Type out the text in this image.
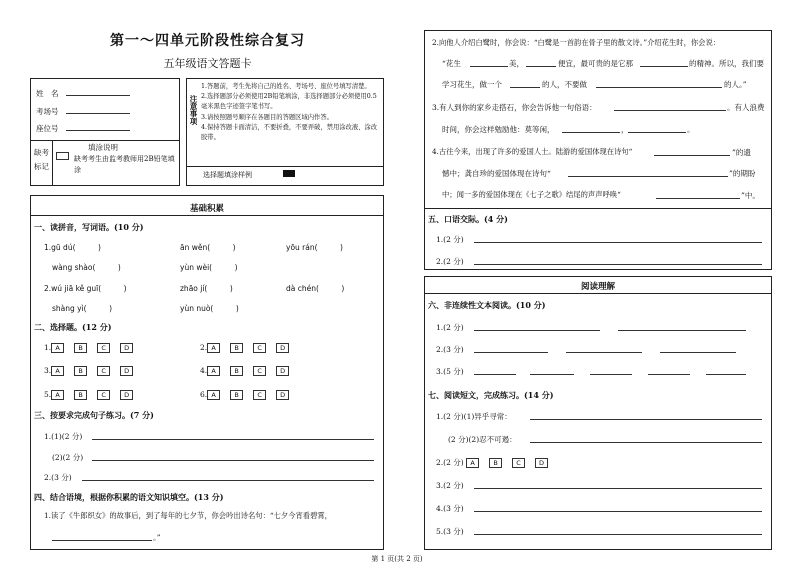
第一～四单元阶段性综合复习
五年级语文答题卡
姓　名
考场号
座位号
缺考
标记
填涂说明
缺考考生由监考教师用2B铅笔填涂
注意事项
1.答题前，考生先将自己的姓名、考场号、座位号填写清楚。
2.选择题部分必须使用2B铅笔填涂，非选择题部分必须使用0.5毫米黑色字迹签字笔书写。
3.请按照题号顺序在各题目的答题区域内作答。
4.保持答题卡面清洁，不要折叠，不要弄破，禁用涂改液、涂改胶带。
选择题填涂样例
基础积累
一、读拼音，写词语。(10 分)
1.gū dú(　　　)	ān wěn(　　　)	yōu rán(　　　)
wàng shào(　　　)	yùn wèi(　　　)
2.wú jiā kě guī(　　　)	zhāo jí(　　　)	dà chén(　　　)
shàng yì(　　　)	yùn nuò(　　　)
二、选择题。(12 分)
1. A	B	C	D	2. A	B	C	D
3. A	B	C	D	4. A	B	C	D
5. A	B	C	D	6. A	B	C	D
三、按要求完成句子练习。(7 分)
1.(1)(2 分)
(2)(2 分)
2.(3 分)
四、结合语境，根据你积累的语文知识填空。(13 分)
1.读了《牛郎织女》的故事后，到了每年的七夕节，你会吟出诗名句：“七夕今宵看碧霄，
。”
2.向他人介绍白鹭时，你会说：“白鹭是一首韵在骨子里的散文诗。”介绍花生时，你会说：
“花生	美，	便宜，最可贵的是它那	的精神。所以，我们要
学习花生，做一个	的人，不要做	的人。”
3.有人到你的家乡走搭石，你会告诉他一句俗语：	。有人浪费
时间，你会这样勉励他：莫等闲，	，	。
4.古往今来，出现了许多的爱国人士。陆游的爱国体现在诗句“	”的遗
憾中；龚自珍的爱国体现在诗句“	”的期盼
中；闻一多的爱国体现在《七子之歌》结尾的声声呼唤“	”中。
五、口语交际。(4 分)
1.(2 分)
2.(2 分)
阅读理解
六、非连续性文本阅读。(10 分)
1.(2 分)
2.(3 分)
3.(5 分)
七、阅读短文，完成练习。(14 分)
1.(2 分)(1)异乎寻常：
(2 分)(2)忍不可遏：
2.(2 分) A	B	C	D
3.(2 分)
4.(3 分)
5.(3 分)
第 1 页(共 2 页)
